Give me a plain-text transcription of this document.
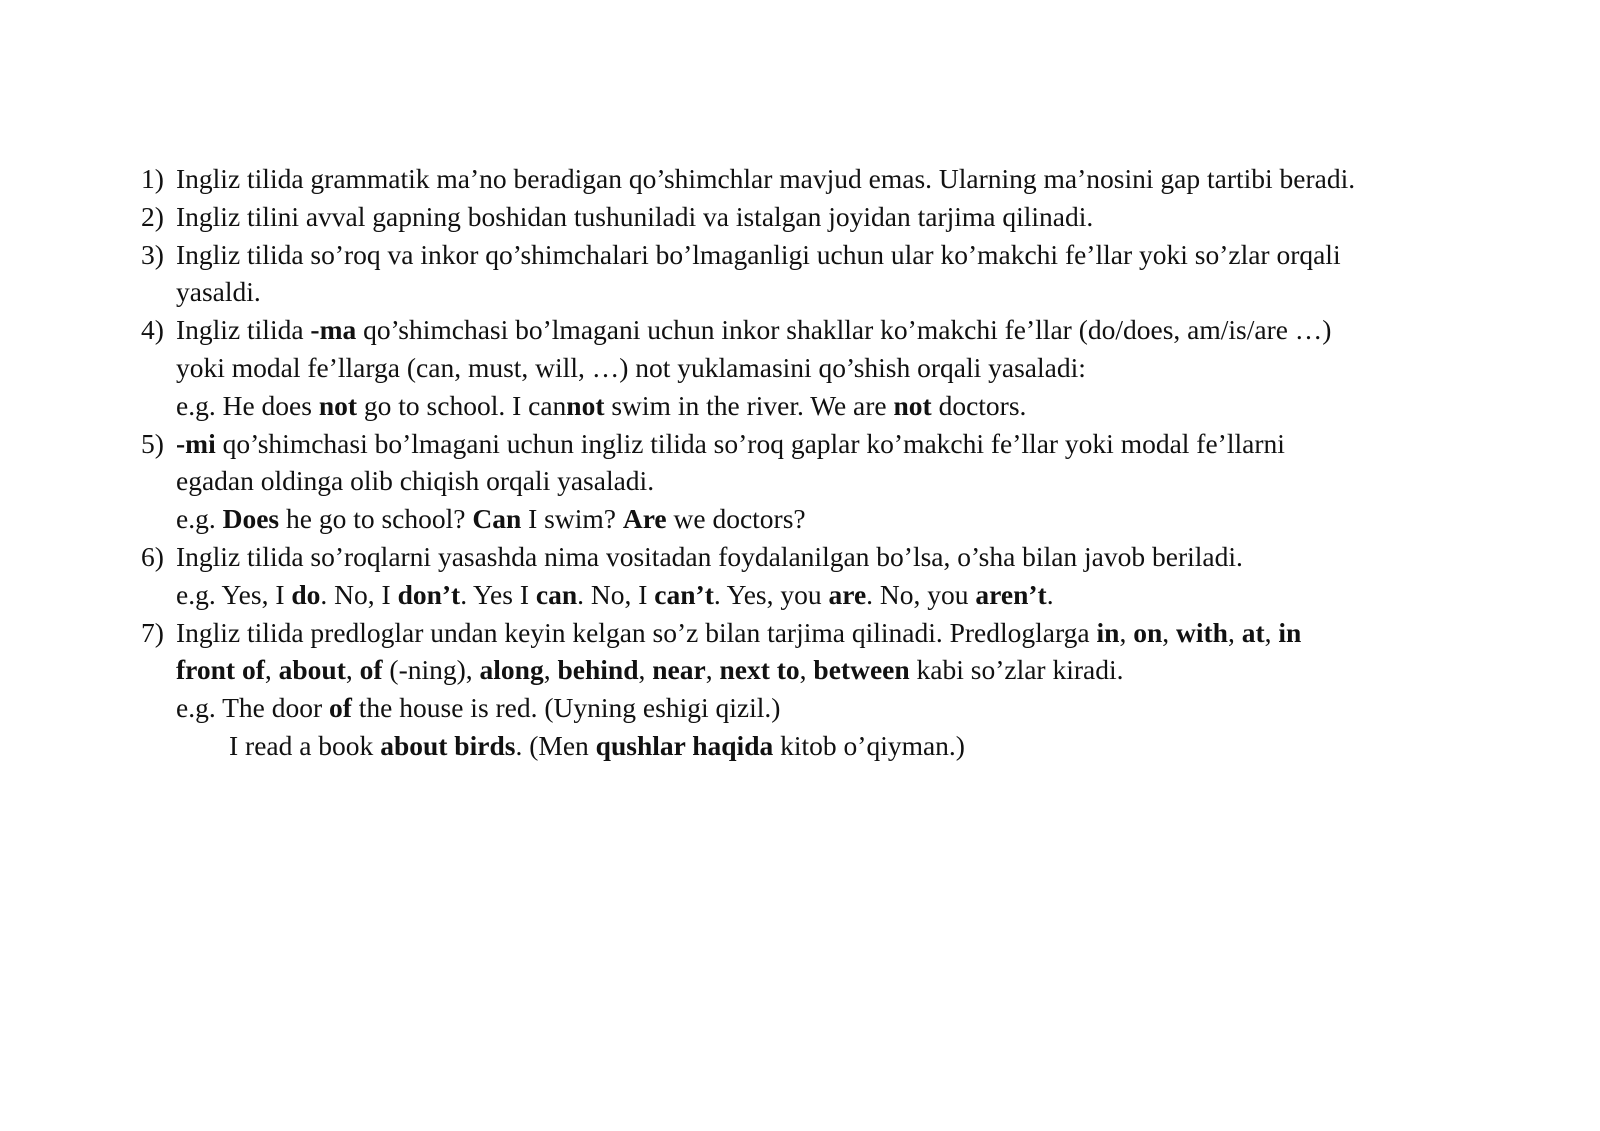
1) Ingliz tilida grammatik ma’no beradigan qo’shimchlar mavjud emas. Ularning ma’nosini gap tartibi beradi.
2) Ingliz tilini avval gapning boshidan tushuniladi va istalgan joyidan tarjima qilinadi.
3) Ingliz tilida so’roq va inkor qo’shimchalari bo’lmaganligi uchun ular ko’makchi fe’llar yoki so’zlar orqali
yasaldi.
4) Ingliz tilida -ma qo’shimchasi bo’lmagani uchun inkor shakllar ko’makchi fe’llar (do/does, am/is/are …)
yoki modal fe’llarga (can, must, will, …) not yuklamasini qo’shish orqali yasaladi:
e.g. He does not go to school. I cannot swim in the river. We are not doctors.
5) -mi qo’shimchasi bo’lmagani uchun ingliz tilida so’roq gaplar ko’makchi fe’llar yoki modal fe’llarni
egadan oldinga olib chiqish orqali yasaladi.
e.g. Does he go to school? Can I swim? Are we doctors?
6) Ingliz tilida so’roqlarni yasashda nima vositadan foydalanilgan bo’lsa, o’sha bilan javob beriladi.
e.g. Yes, I do. No, I don’t. Yes I can. No, I can’t. Yes, you are. No, you aren’t.
7) Ingliz tilida predloglar undan keyin kelgan so’z bilan tarjima qilinadi. Predloglarga in, on, with, at, in
front of, about, of (-ning), along, behind, near, next to, between kabi so’zlar kiradi.
e.g. The door of the house is red. (Uyning eshigi qizil.)
I read a book about birds. (Men qushlar haqida kitob o’qiyman.)
